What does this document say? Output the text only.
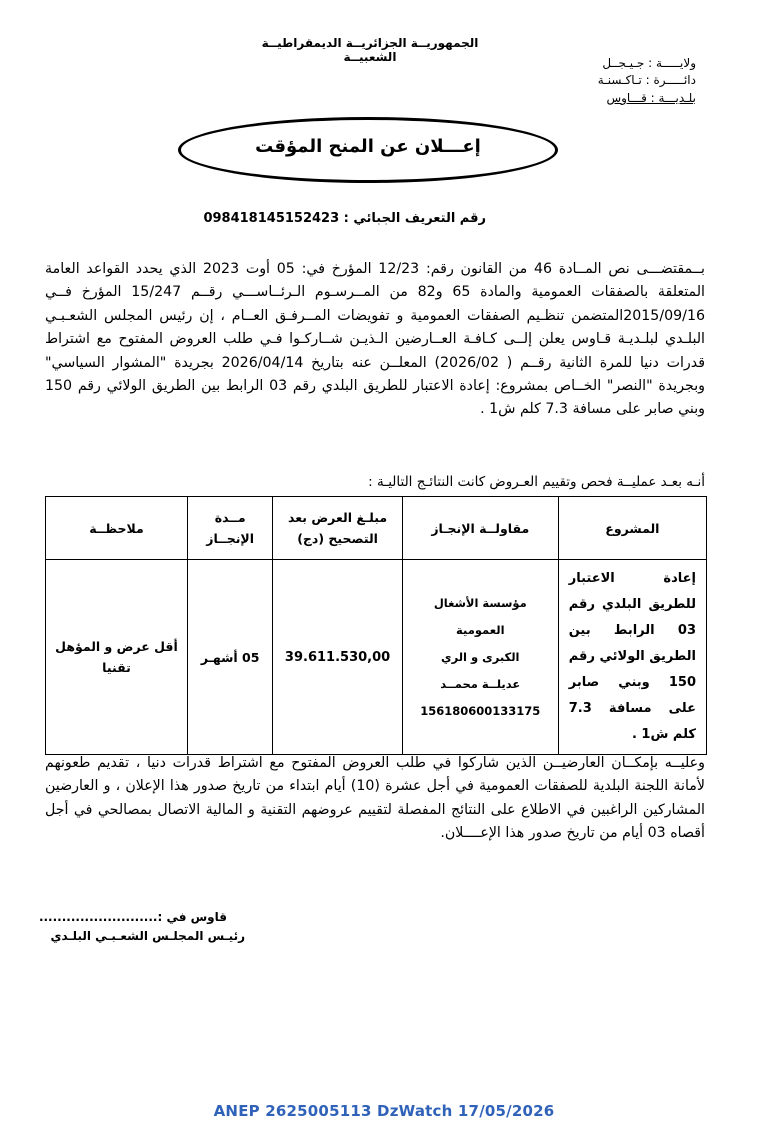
الجمهوريــة الجزائريــة الديمقراطيــة الشعبيــة	ولايـــــة : جـيـجــل
دائـــــرة : تـاكـسنـة
بلـديـــة : قـــاوس
إعـــلان عن المنح المؤقت
رقم التعريف الجبائي : 098418145152423
بــمقتضـــى نص المــادة 46 من القانون رقم: 12/23 المؤرخ في: 05 أوت 2023 الذي يحدد القواعد العامة المتعلقة بالصفقات العمومية والمادة 65 و82 من المــرسـوم الـرئــاســـي رقــم 15/247 المؤرخ فــي 2015/09/16المتضمن تنظـيم الصفقات العمومية و تفويضات المــرفـق العــام ، إن رئيس المجلس الشعـبـي البلـدي لبلـديـة قـاوس يعلن إلــى كـافـة العــارضين الـذيـن شــاركـوا فـي طلب العروض المفتوح مع اشتراط قدرات دنيا للمرة الثانية رقــم ( 2026/02) المعلــن عنه بتاريخ 2026/04/14 بجريدة "المشوار السياسي" وبجريدة "النصر" الخــاص بمشروع: إعادة الاعتبار للطريق البلدي رقم 03 الرابط بين الطريق الولائي رقم 150 وبني صابر على مسافة 7.3 كلم ش1 .
أنـه بعـد عمليــة فحص وتقييم العـروض كانت النتائـج التاليـة :
المشروع	مقاولــة الإنجـاز	مبلـغ العرض بعد التصحيح (دج)	مــدة الإنجــاز	ملاحظــة
إعادة الاعتبار للطريق البلدي رقم 03 الرابط بين الطريق الولائي رقم 150 وبني صابر على مسافة 7.3 كلم ش1 .	مؤسسة الأشغال العمومية
الكبرى و الري
عديلــة محمــد
156180600133175	39.611.530,00	05 أشهـر	أقل عرض و المؤهل تقنيا
وعليــه بإمكــان العارضيــن الذين شاركوا في طلب العروض المفتوح مع اشتراط قدرات دنيا ، تقديم طعونهم لأمانة اللجنة البلدية للصفقات العمومية في أجل عشرة (10) أيام ابتداء من تاريخ صدور هذا الإعلان ، و العارضين المشاركين الراغبين في الاطلاع على النتائج المفصلة لتقييم عروضهم التقنية و المالية الاتصال بمصالحي في أجل أقصاه 03 أيام من تاريخ صدور هذا الإعــــلان.
قاوس في :..........................
رئيـس المجلـس الشعـبـي البلـدي
ANEP 2625005113 DzWatch 17/05/2026
